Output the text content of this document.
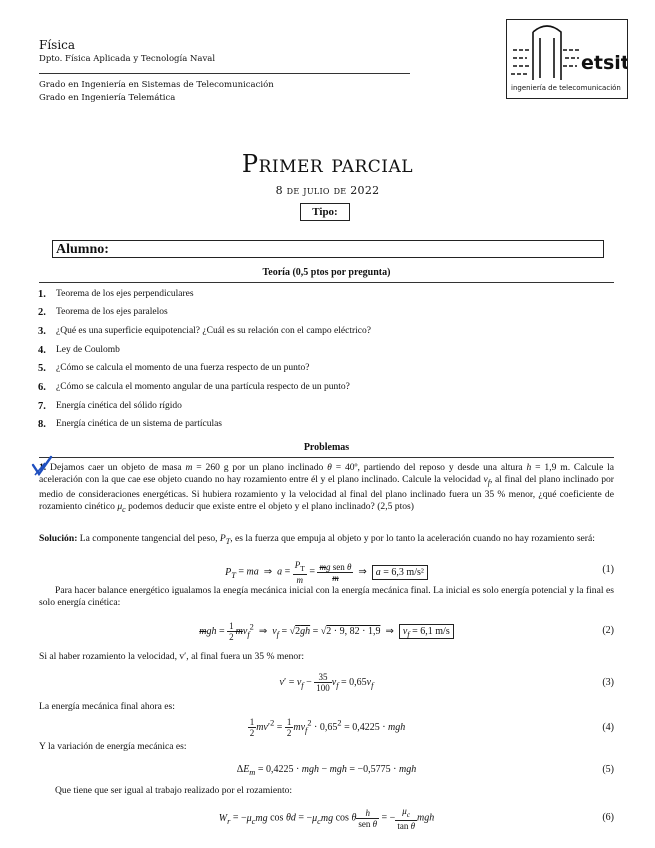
Física
Dpto. Física Aplicada y Tecnología Naval
Grado en Ingeniería en Sistemas de Telecomunicación
Grado en Ingeniería Telemática
etsit
ingeniería de telecomunicación
Primer parcial
8 de julio de 2022
Tipo:
Alumno:
Teoría (0,5 ptos por pregunta)
1.	Teorema de los ejes perpendiculares
2.	Teorema de los ejes paralelos
3.	¿Qué es una superficie equipotencial? ¿Cuál es su relación con el campo eléctrico?
4.	Ley de Coulomb
5.	¿Cómo se calcula el momento de una fuerza respecto de un punto?
6.	¿Cómo se calcula el momento angular de una partícula respecto de un punto?
7.	Energía cinética del sólido rígido
8.	Energía cinética de un sistema de partículas
Problemas
1. Dejamos caer un objeto de masa m = 260 g por un plano inclinado θ = 40º, partiendo del reposo y desde una altura h = 1,9 m. Calcule la aceleración con la que cae ese objeto cuando no hay rozamiento entre él y el plano inclinado. Calcule la velocidad $v_f$, al final del plano inclinado por medio de consideraciones energéticas. Si hubiera rozamiento y la velocidad al final del plano inclinado fuera un 35 % menor, ¿qué coeficiente de rozamiento cinético $\mu_c$ podemos deducir que existe entre el objeto y el plano inclinado? (2,5 ptos)
Solución: La componente tangencial del peso, $P_T$, es la fuerza que empuja al objeto y por lo tanto la aceleración cuando no hay rozamiento será:
$P_T$ = ma  ⇒  $a = \frac{P_T}{m} = \frac{\text{mg sen θ}}{m}$ ⇒  a = 6,3 m/s²	(1)
Para hacer balance energético igualamos la enegía mecánica inicial con la energía mecánica final. La inicial es solo energía potencial y la final es solo energía cinética:
mgh = $\frac{1}{2} mv_f^2$  ⇒  $v_f = √2gh = √2 \cdot 9$, 82 · 1,9  ⇒  $v_f = 6,1$ m/s	(2)
Si al haber rozamiento la velocidad, v′, al final fuera un 35 % menor:
$v' = v_f - \frac{35}{100} v_f = 0,65v_f$	(3)
La energía mecánica final ahora es:
$\frac{1}{2} mv'^2 = \frac{1}{2} mv_f^2 \cdot 0,65^2 = 0,4225$ · mgh	(4)
Y la variación de energía mecánica es:
$\Delta E_m = 0,4225$ · mgh − mgh = −0,5775 · mgh	(5)
Que tiene que ser igual al trabajo realizado por el rozamiento:
$W_r = -\mu_cmg$ $\cos \theta d = -\mu_cmg$ cos θ $\frac{h}{\text{sen θ}}$ = − $\frac{\mu_c}{\text{tan θ}}$ mgh	(6)
